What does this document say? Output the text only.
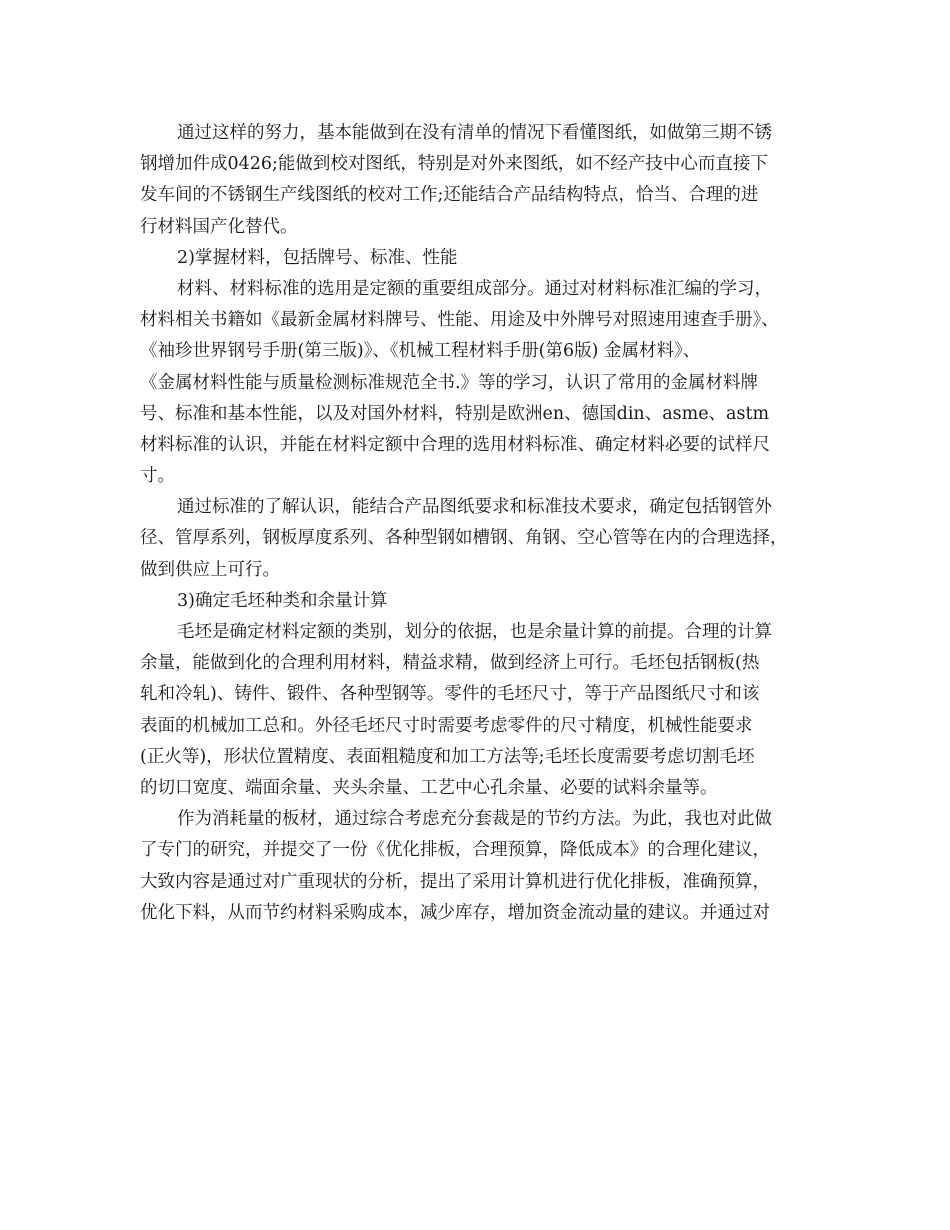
通过这样的努力，基本能做到在没有清单的情况下看懂图纸，如做第三期不锈
钢增加件成0426;能做到校对图纸，特别是对外来图纸，如不经产技中心而直接下
发车间的不锈钢生产线图纸的校对工作;还能结合产品结构特点，恰当、合理的进
行材料国产化替代。
2)掌握材料，包括牌号、标准、性能
材料、材料标准的选用是定额的重要组成部分。通过对材料标准汇编的学习，
材料相关书籍如《最新金属材料牌号、性能、用途及中外牌号对照速用速查手册》、
《袖珍世界钢号手册(第三版)》、《机械工程材料手册(第6版) 金属材料》、
《金属材料性能与质量检测标准规范全书.》等的学习，认识了常用的金属材料牌
号、标准和基本性能，以及对国外材料，特别是欧洲en、德国din、asme、astm
材料标准的认识，并能在材料定额中合理的选用材料标准、确定材料必要的试样尺
寸。
通过标准的了解认识，能结合产品图纸要求和标准技术要求，确定包括钢管外
径、管厚系列，钢板厚度系列、各种型钢如槽钢、角钢、空心管等在内的合理选择，
做到供应上可行。
3)确定毛坯种类和余量计算
毛坯是确定材料定额的类别，划分的依据，也是余量计算的前提。合理的计算
余量，能做到化的合理利用材料，精益求精，做到经济上可行。毛坯包括钢板(热
轧和冷轧)、铸件、锻件、各种型钢等。零件的毛坯尺寸，等于产品图纸尺寸和该
表面的机械加工总和。外径毛坯尺寸时需要考虑零件的尺寸精度，机械性能要求
(正火等)，形状位置精度、表面粗糙度和加工方法等;毛坯长度需要考虑切割毛坯
的切口宽度、端面余量、夹头余量、工艺中心孔余量、必要的试料余量等。
作为消耗量的板材，通过综合考虑充分套裁是的节约方法。为此，我也对此做
了专门的研究，并提交了一份《优化排板，合理预算，降低成本》的合理化建议，
大致内容是通过对广重现状的分析，提出了采用计算机进行优化排板，准确预算，
优化下料，从而节约材料采购成本，减少库存，增加资金流动量的建议。并通过对
